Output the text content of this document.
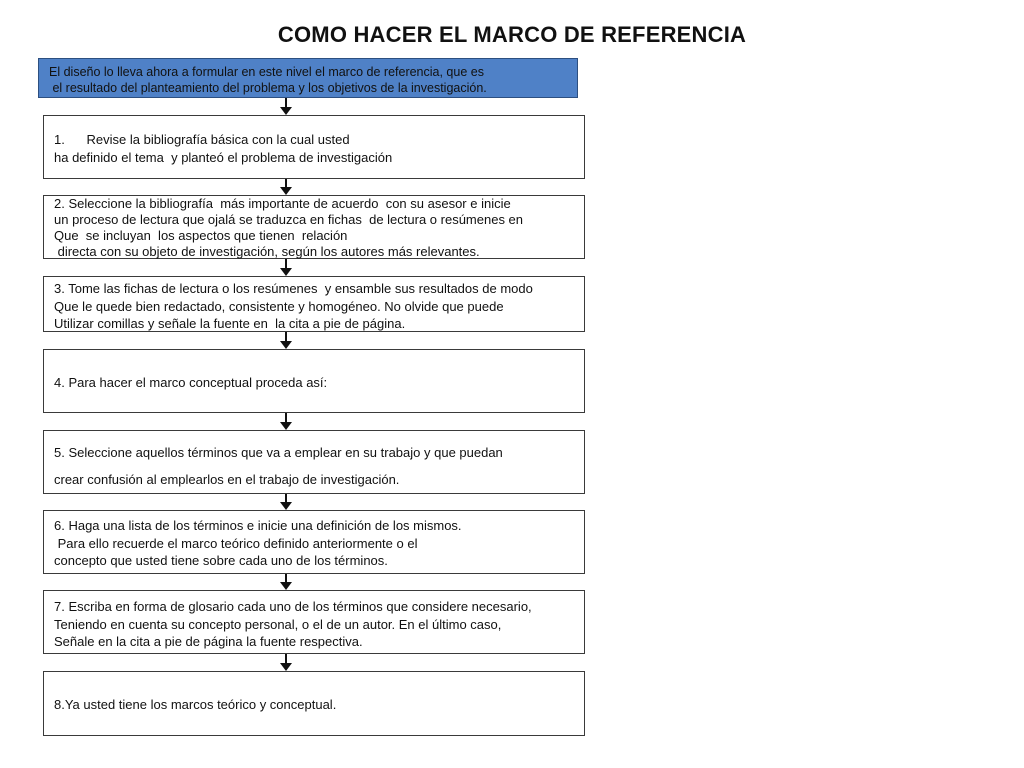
COMO HACER EL MARCO DE REFERENCIA
El diseño lo lleva ahora a formular en este nivel el marco de referencia, que es
el resultado del planteamiento del problema y los objetivos de la investigación.
1.      Revise la bibliografía básica con la cual usted
ha definido el tema  y planteó el problema de investigación
2. Seleccione la bibliografía  más importante de acuerdo  con su asesor e inicie
un proceso de lectura que ojalá se traduzca en fichas  de lectura o resúmenes en
Que  se incluyan  los aspectos que tienen  relación
directa con su objeto de investigación, según los autores más relevantes.
3. Tome las fichas de lectura o los resúmenes  y ensamble sus resultados de modo
Que le quede bien redactado, consistente y homogéneo. No olvide que puede
Utilizar comillas y señale la fuente en  la cita a pie de página.
4. Para hacer el marco conceptual proceda así:
5. Seleccione aquellos términos que va a emplear en su trabajo y que puedan
crear confusión al emplearlos en el trabajo de investigación.
6. Haga una lista de los términos e inicie una definición de los mismos.
Para ello recuerde el marco teórico definido anteriormente o el
concepto que usted tiene sobre cada uno de los términos.
7. Escriba en forma de glosario cada uno de los términos que considere necesario,
Teniendo en cuenta su concepto personal, o el de un autor. En el último caso,
Señale en la cita a pie de página la fuente respectiva.
8.Ya usted tiene los marcos teórico y conceptual.
